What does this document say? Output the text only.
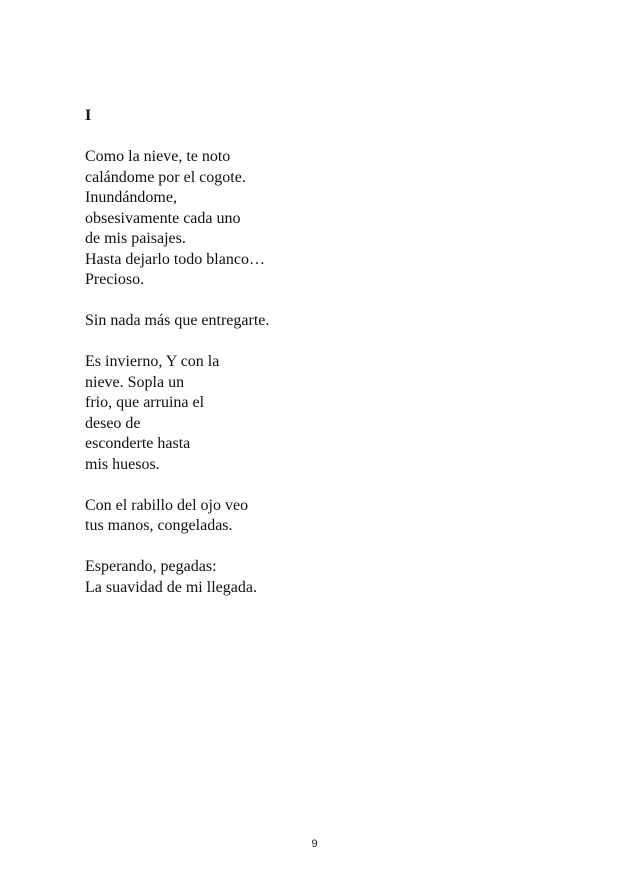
I
Como la nieve, te noto
calándome por el cogote.
Inundándome,
obsesivamente cada uno
de mis paisajes.
Hasta dejarlo todo blanco…
Precioso.
Sin nada más que entregarte.
Es invierno, Y con la
nieve. Sopla un
frio, que arruina el
deseo de
esconderte hasta
mis huesos.
Con el rabillo del ojo veo
tus manos, congeladas.
Esperando, pegadas:
La suavidad de mi llegada.
9
